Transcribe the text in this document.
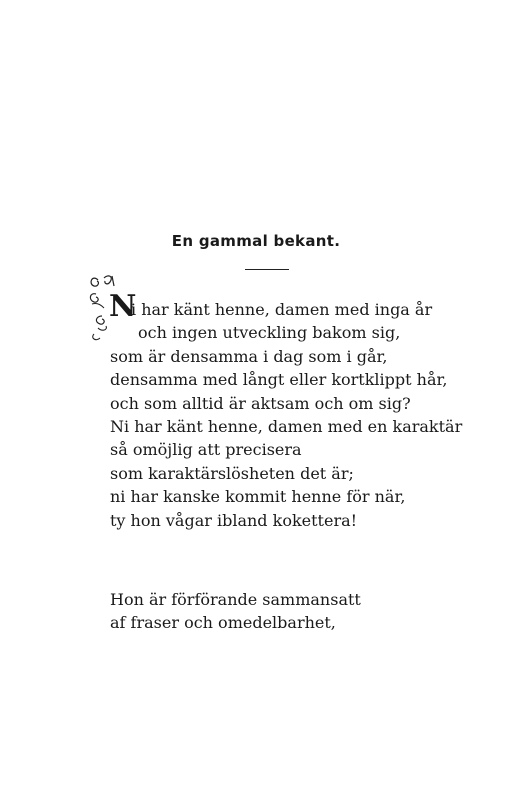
En gammal bekant.
N
i har känt henne, damen med inga år
och ingen utveckling bakom sig,
som är densamma i dag som i går,
densamma med långt eller kortklippt hår,
och som alltid är aktsam och om sig?
Ni har känt henne, damen med en karaktär
så omöjlig att precisera
som karaktärslösheten det är;
ni har kanske kommit henne för när,
ty hon vågar ibland kokettera!
Hon är förförande sammansatt
af fraser och omedelbarhet,
